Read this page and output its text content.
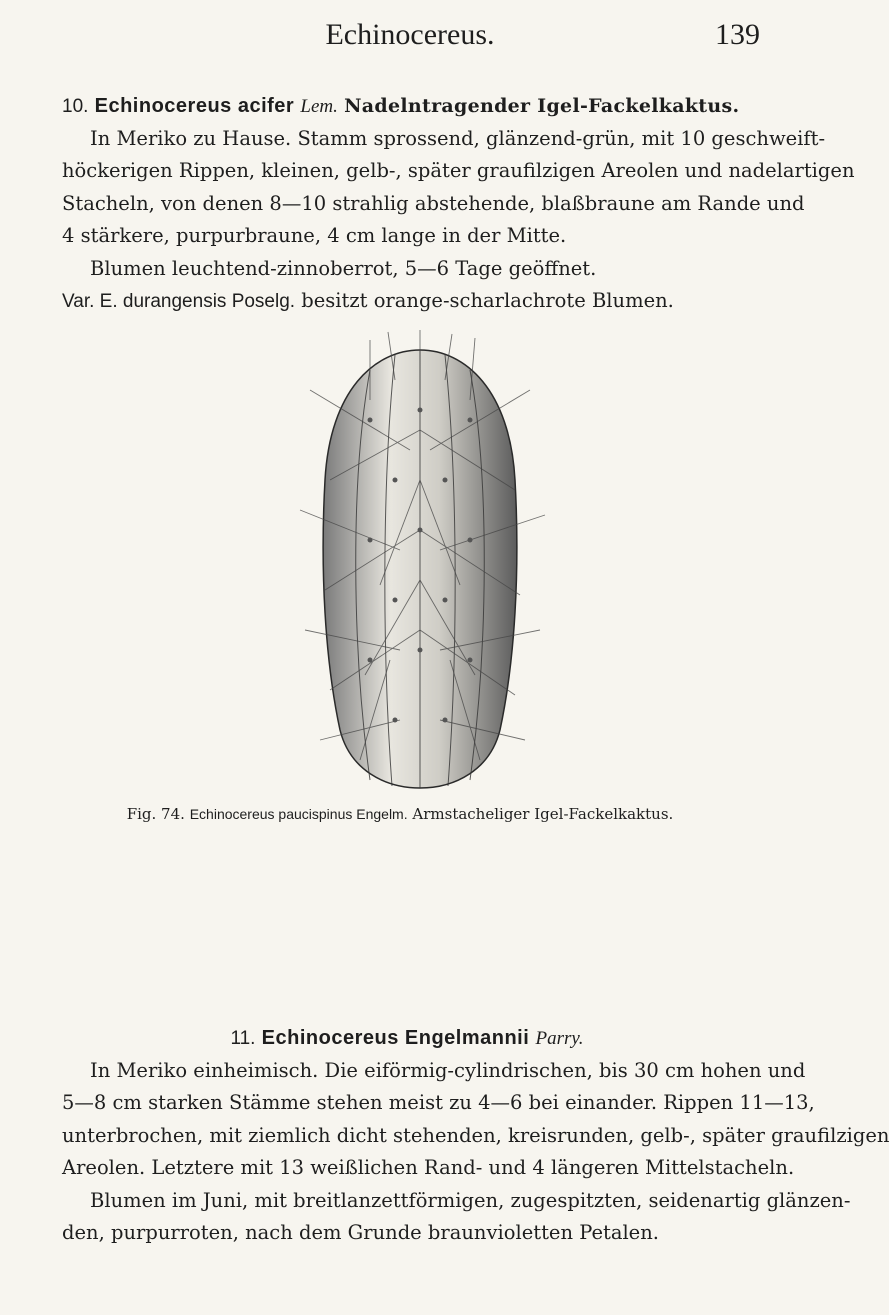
Echinocereus.	139
10. Echinocereus acifer Lem. Nadelntragender Igel-Fackelkaktus.
In Meriko zu Hause. Stamm sprossend, glänzend-grün, mit 10 geschweift-
höckerigen Rippen, kleinen, gelb-, später graufilzigen Areolen und nadelartigen
Stacheln, von denen 8—10 strahlig abstehende, blaßbraune am Rande und
4 stärkere, purpurbraune, 4 cm lange in der Mitte.
Blumen leuchtend-zinnoberrot, 5—6 Tage geöffnet.
Var. E. durangensis Poselg. besitzt orange-scharlachrote Blumen.
Fig. 74. Echinocereus paucispinus Engelm. Armstacheliger Igel-Fackelkaktus.
11. Echinocereus Engelmannii Parry.
In Meriko einheimisch. Die eiförmig-cylindrischen, bis 30 cm hohen und
5—8 cm starken Stämme stehen meist zu 4—6 bei einander. Rippen 11—13,
unterbrochen, mit ziemlich dicht stehenden, kreisrunden, gelb-, später graufilzigen
Areolen. Letztere mit 13 weißlichen Rand- und 4 längeren Mittelstacheln.
Blumen im Juni, mit breitlanzettförmigen, zugespitzten, seidenartig glänzen-
den, purpurroten, nach dem Grunde braunvioletten Petalen.
